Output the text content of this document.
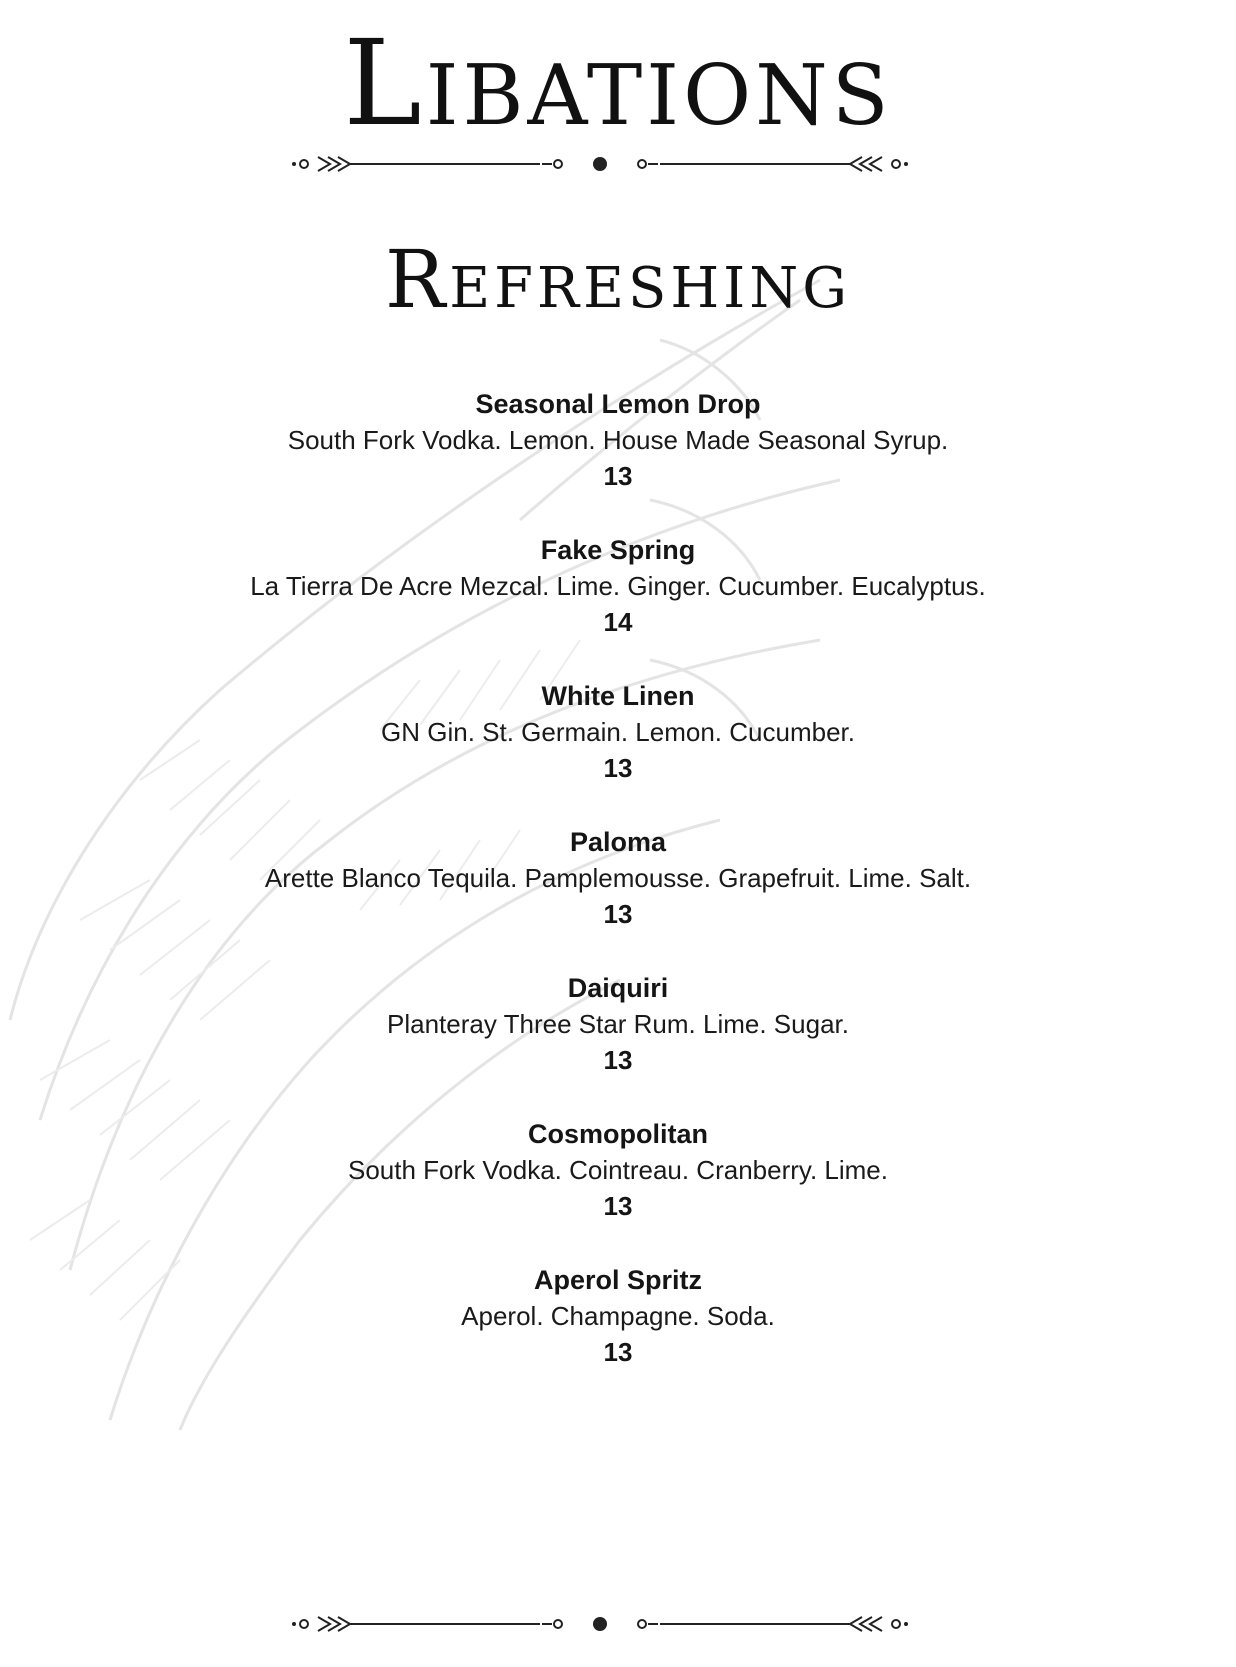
Libations
Refreshing
Seasonal Lemon Drop
South Fork Vodka. Lemon. House Made Seasonal Syrup.
13
Fake Spring
La Tierra De Acre Mezcal. Lime. Ginger. Cucumber. Eucalyptus.
14
White Linen
GN Gin. St. Germain. Lemon. Cucumber.
13
Paloma
Arette Blanco Tequila. Pamplemousse. Grapefruit. Lime. Salt.
13
Daiquiri
Planteray Three Star Rum. Lime. Sugar.
13
Cosmopolitan
South Fork Vodka. Cointreau. Cranberry. Lime.
13
Aperol Spritz
Aperol. Champagne. Soda.
13
